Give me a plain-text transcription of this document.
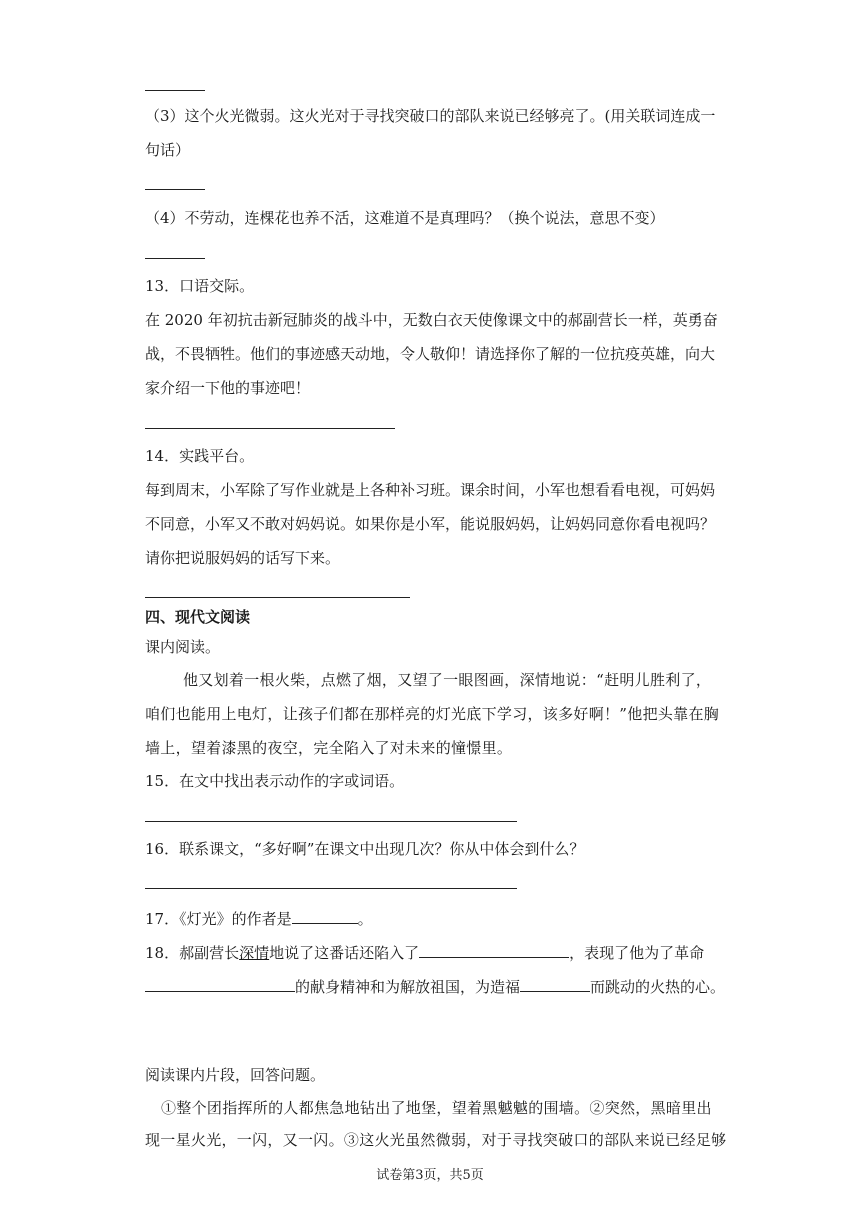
（3）这个火光微弱。这火光对于寻找突破口的部队来说已经够亮了。(用关联词连成一
句话）
（4）不劳动，连棵花也养不活，这难道不是真理吗？（换个说法，意思不变）
13．口语交际。
在 2020 年初抗击新冠肺炎的战斗中，无数白衣天使像课文中的郝副营长一样，英勇奋
战，不畏牺牲。他们的事迹感天动地，令人敬仰！请选择你了解的一位抗疫英雄，向大
家介绍一下他的事迹吧！
14．实践平台。
每到周末，小军除了写作业就是上各种补习班。课余时间，小军也想看看电视，可妈妈
不同意，小军又不敢对妈妈说。如果你是小军，能说服妈妈，让妈妈同意你看电视吗？
请你把说服妈妈的话写下来。
四、现代文阅读
课内阅读。
他又划着一根火柴，点燃了烟，又望了一眼图画，深情地说：“赶明儿胜利了，
咱们也能用上电灯，让孩子们都在那样亮的灯光底下学习，该多好啊！”他把头靠在胸
墙上，望着漆黑的夜空，完全陷入了对未来的憧憬里。
15．在文中找出表示动作的字或词语。
16．联系课文，“多好啊”在课文中出现几次？你从中体会到什么？
17．《灯光》的作者是	。
18．郝副营长深情地说了这番话还陷入了	，表现了他为了革命
的献身精神和为解放祖国，为造福	而跳动的火热的心。
阅读课内片段，回答问题。
①整个团指挥所的人都焦急地钻出了地堡，望着黑魆魆的围墙。②突然，黑暗里出
现一星火光，一闪，又一闪。③这火光虽然微弱，对于寻找突破口的部队来说已经足够
试卷第3页，共5页
